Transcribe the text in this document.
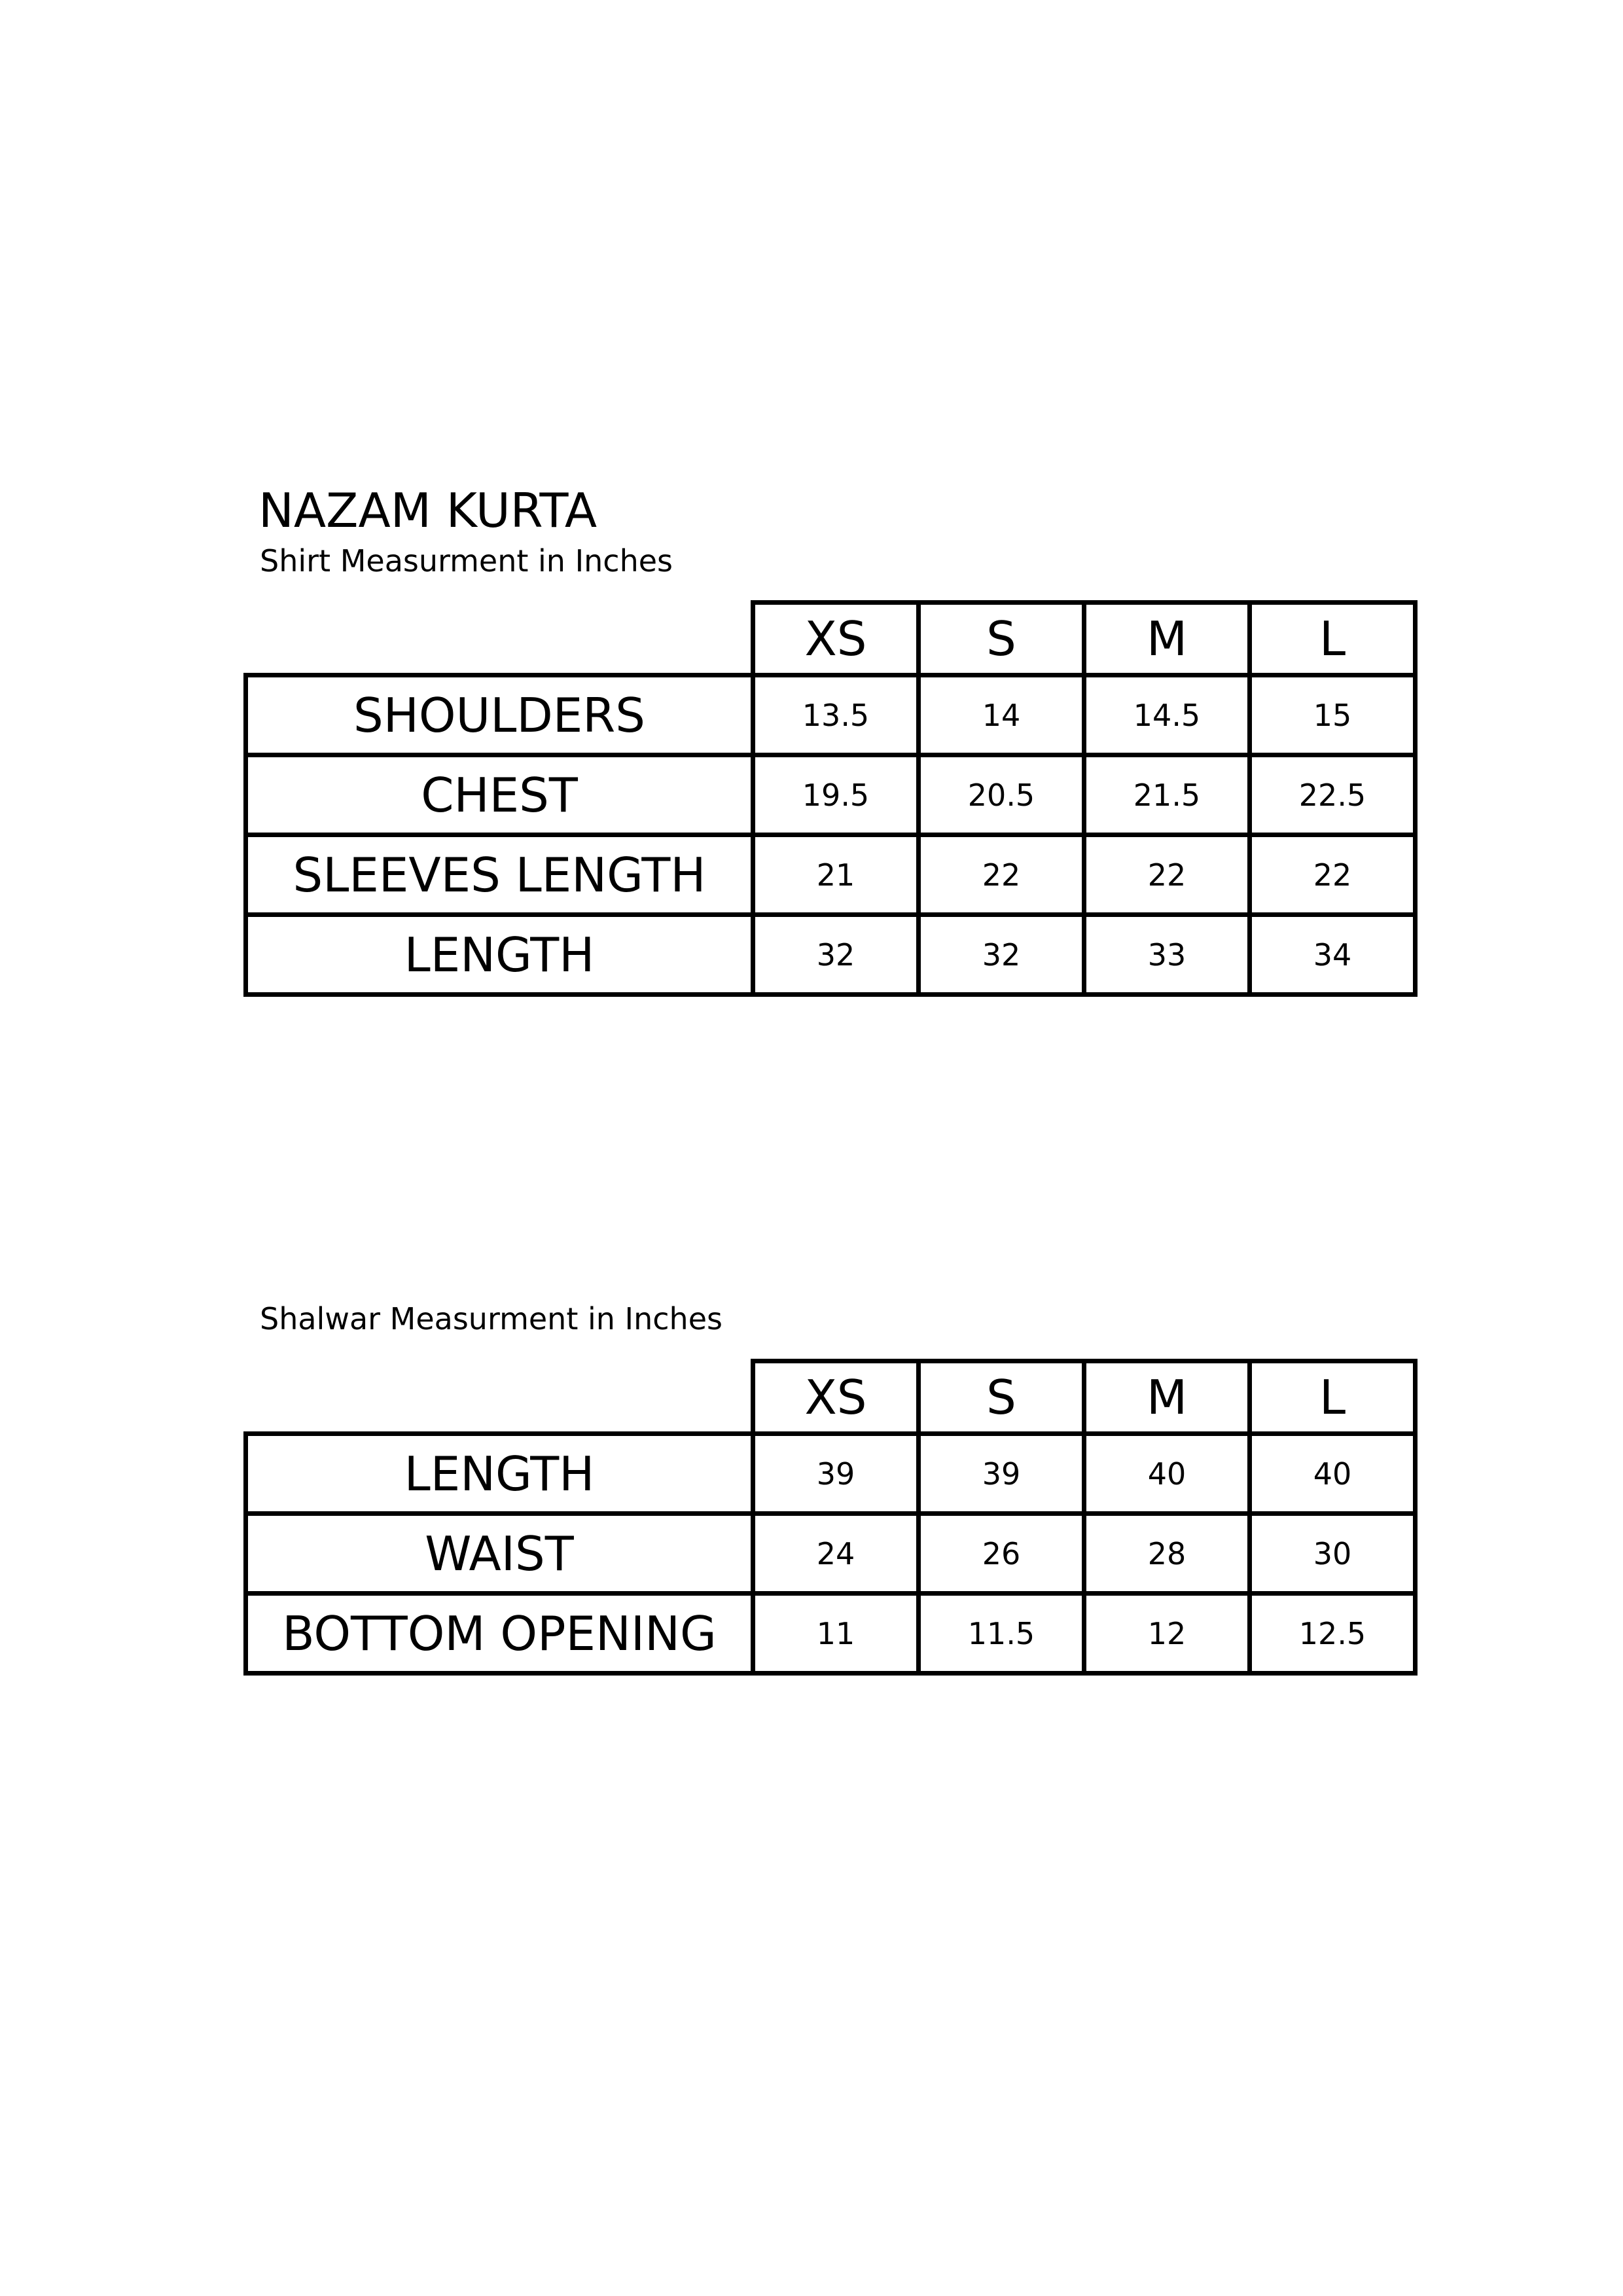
NAZAM KURTA
Shirt Measurment in Inches
	XS	S	M	L
SHOULDERS	13.5	14	14.5	15
CHEST	19.5	20.5	21.5	22.5
SLEEVES LENGTH	21	22	22	22
LENGTH	32	32	33	34
Shalwar Measurment in Inches
	XS	S	M	L
LENGTH	39	39	40	40
WAIST	24	26	28	30
BOTTOM OPENING	11	11.5	12	12.5
